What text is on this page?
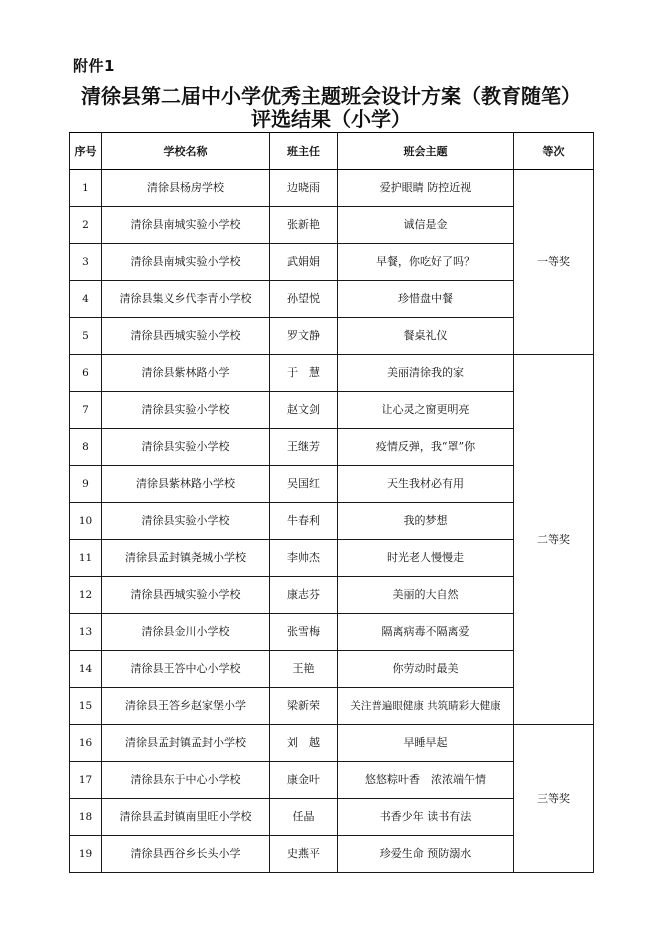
附件1
清徐县第二届中小学优秀主题班会设计方案（教育随笔）
评选结果（小学）
序号	学校名称	班主任	班会主题	等次
1	清徐县杨房学校	边晓雨	爱护眼睛 防控近视	一等奖
2	清徐县南城实验小学校	张新艳	诚信是金	
3	清徐县南城实验小学校	武娟娟	早餐，你吃好了吗？	
4	清徐县集义乡代李青小学校	孙望悦	珍惜盘中餐	
5	清徐县西城实验小学校	罗文静	餐桌礼仪	
6	清徐县紫林路小学	于　慧	美丽清徐我的家	二等奖
7	清徐县实验小学校	赵文剑	让心灵之窗更明亮	
8	清徐县实验小学校	王继芳	疫情反弹，我“罩”你	
9	清徐县紫林路小学校	吴国红	天生我材必有用	
10	清徐县实验小学校	牛春利	我的梦想	
11	清徐县孟封镇尧城小学校	李帅杰	时光老人慢慢走	
12	清徐县西城实验小学校	康志芬	美丽的大自然	
13	清徐县金川小学校	张雪梅	隔离病毒不隔离爱	
14	清徐县王答中心小学校	王艳	你劳动时最美	
15	清徐县王答乡赵家堡小学	梁新荣	关注普遍眼健康 共筑睛彩大健康	
16	清徐县孟封镇孟封小学校	刘　越	早睡早起	三等奖
17	清徐县东于中心小学校	康金叶	悠悠粽叶香　浓浓端午情	
18	清徐县孟封镇南里旺小学校	任晶	书香少年 读书有法	
19	清徐县西谷乡长头小学	史燕平	珍爱生命 预防溺水	
